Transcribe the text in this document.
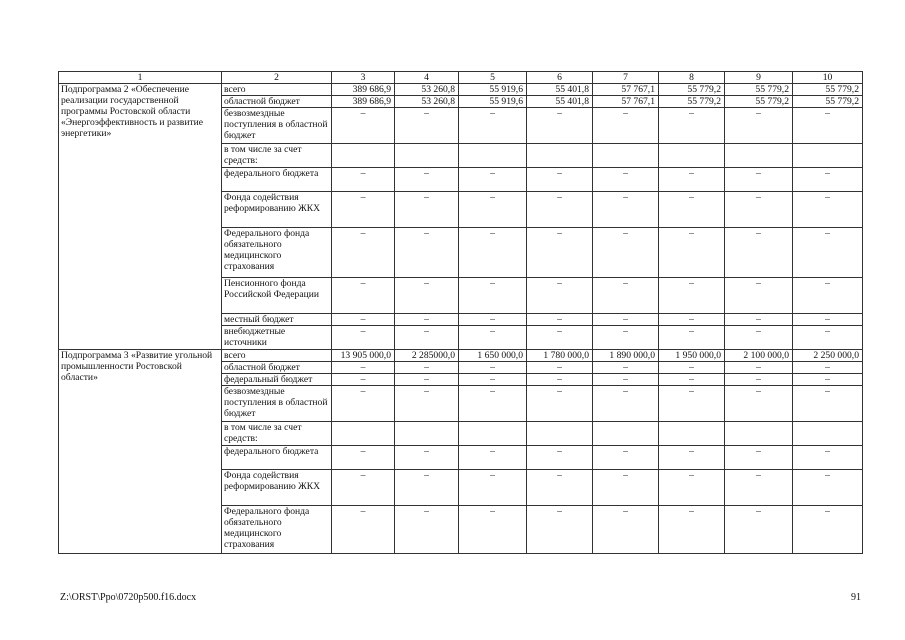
1	2	3	4	5	6	7	8	9	10
Подпрограмма 2 «Обеспечение реализации государственной программы Ростовской области «Энергоэффективность и развитие энергетики»	всего	389 686,9	53 260,8	55 919,6	55 401,8	57 767,1	55 779,2	55 779,2	55 779,2
	областной бюджет	389 686,9	53 260,8	55 919,6	55 401,8	57 767,1	55 779,2	55 779,2	55 779,2
	безвозмездные поступления в областной бюджет	–	–	–	–	–	–	–	–
	в том числе за счет средств:								
	федерального бюджета	–	–	–	–	–	–	–	–
	Фонда содействия реформированию ЖКХ	–	–	–	–	–	–	–	–
	Федерального фонда обязательного медицинского страхования	–	–	–	–	–	–	–	–
	Пенсионного фонда Российской Федерации	–	–	–	–	–	–	–	–
	местный бюджет	–	–	–	–	–	–	–	–
	внебюджетные источники	–	–	–	–	–	–	–	–
Подпрограмма 3 «Развитие угольной промышленности Ростовской области»	всего	13 905 000,0	2 285000,0	1 650 000,0	1 780 000,0	1 890 000,0	1 950 000,0	2 100 000,0	2 250 000,0
	областной бюджет	–	–	–	–	–	–	–	–
	федеральный бюджет	–	–	–	–	–	–	–	–
	безвозмездные поступления в областной бюджет	–	–	–	–	–	–	–	–
	в том числе за счет средств:								
	федерального бюджета	–	–	–	–	–	–	–	–
	Фонда содействия реформированию ЖКХ	–	–	–	–	–	–	–	–
	Федерального фонда обязательного медицинского страхования	–	–	–	–	–	–	–	–
Z:\ORST\Ppo\0720p500.f16.docx	91
